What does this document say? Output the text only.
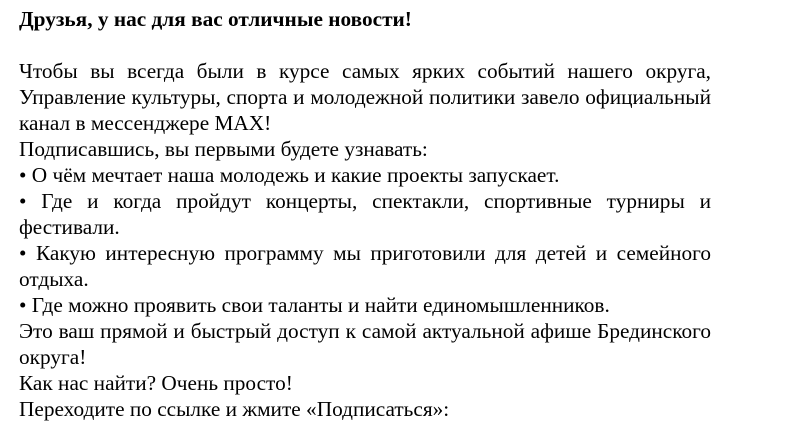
Друзья, у нас для вас отличные новости!

Чтобы вы всегда были в курсе самых ярких событий нашего округа, Управление культуры, спорта и молодежной политики завело официальный канал в мессенджере MAX!

Подписавшись, вы первыми будете узнавать:

• О чём мечтает наша молодежь и какие проекты запускает.

• Где и когда пройдут концерты, спектакли, спортивные турниры и фестивали.

• Какую интересную программу мы приготовили для детей и семейного отдыха.

• Где можно проявить свои таланты и найти единомышленников.

Это ваш прямой и быстрый доступ к самой актуальной афише Брединского округа!

Как нас найти? Очень просто!

Переходите по ссылке и жмите «Подписаться»:
